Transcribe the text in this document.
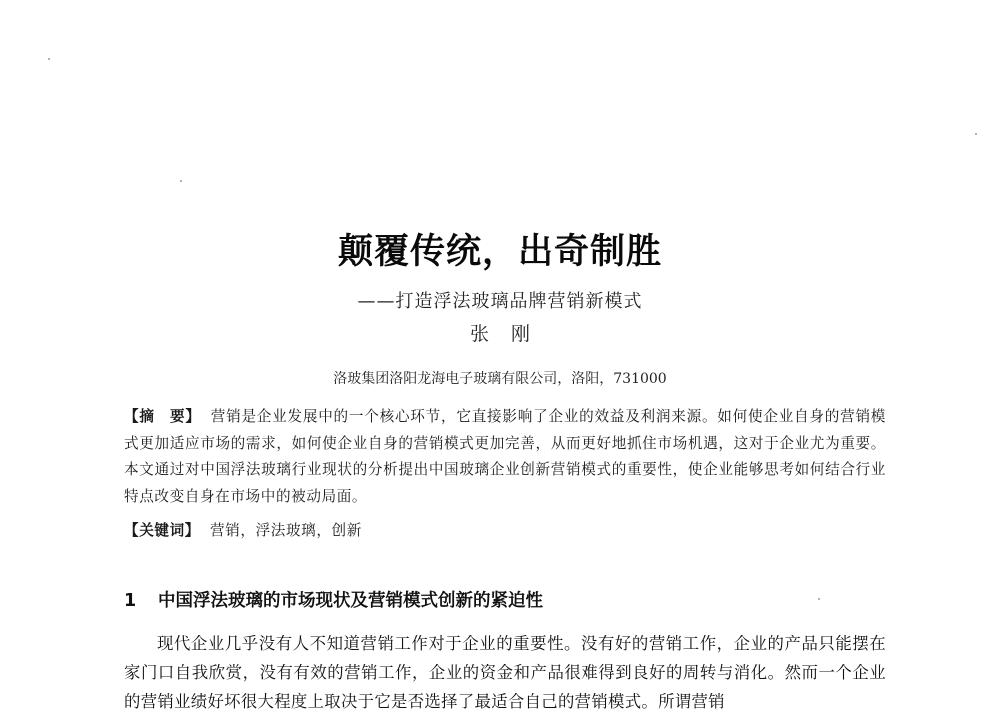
颠覆传统，出奇制胜
——打造浮法玻璃品牌营销新模式
张刚
洛玻集团洛阳龙海电子玻璃有限公司，洛阳，731000
【摘　要】 营销是企业发展中的一个核心环节，它直接影响了企业的效益及利润来源。如何使企业自身的营销模式更加适应市场的需求，如何使企业自身的营销模式更加完善，从而更好地抓住市场机遇，这对于企业尤为重要。本文通过对中国浮法玻璃行业现状的分析提出中国玻璃企业创新营销模式的重要性，使企业能够思考如何结合行业特点改变自身在市场中的被动局面。
【关键词】 营销，浮法玻璃，创新
1 中国浮法玻璃的市场现状及营销模式创新的紧迫性
现代企业几乎没有人不知道营销工作对于企业的重要性。没有好的营销工作，企业的产品只能摆在家门口自我欣赏，没有有效的营销工作，企业的资金和产品很难得到良好的周转与消化。然而一个企业的营销业绩好坏很大程度上取决于它是否选择了最适合自己的营销模式。所谓营销
